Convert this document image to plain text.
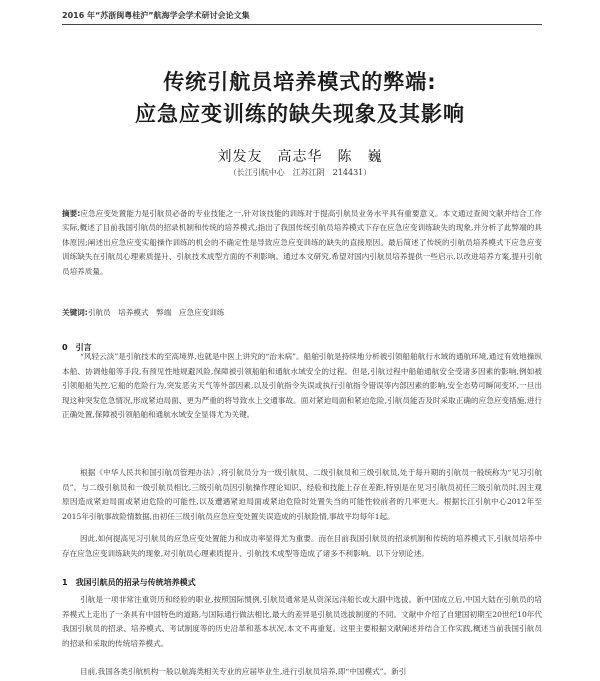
2016 年“苏浙闽粤桂沪”航海学会学术研讨会论文集
传统引航员培养模式的弊端:
应急应变训练的缺失现象及其影响
刘发友　高志华　陈　巍
（长江引航中心　江苏江阴　214431）
摘要:应急应变处置能力是引航员必备的专业技能之一,针对该技能的训练对于提高引航员业务水平具有重要意义。本文通过查阅文献并结合工作实际,概述了目前我国引航员的招录机制和传统的培养模式;指出了我国传统引航员培养模式下存在应急应变训练缺失的现象,并分析了此弊端的具体原因;阐述出应急应变实船操作训练的机会的不确定性是导致应急应变训练的缺失的直接原因。最后简述了传统的引航员培养模式下应急应变训练缺失在引航员心理素质提升、引航技术成型方面的不利影响。通过本文研究,希望对国内引航员培养提供一些启示,以改进培养方案,提升引航员培养质量。
关键词:引航员　培养模式　弊端　应急应变训练
0　引言
“风轻云淡”是引航技术的至高境界,也就是中医上讲究的“治未病”。船舶引航是持续地分析被引领船舶航行水域的通航环境,通过有效地操纵本船、协调他船等手段,有预见性地规避风险,保障被引领船舶和通航水域安全的过程。但是,引航过程中船舶通航安全受诸多因素的影响,例如被引领船舶失控,它船的危险行为,突发恶劣天气等外部因素,以及引航指令失误或执行引航指令错误等内部因素的影响,安全态势可瞬间变坏,一旦出现这种突发危急情况,形成紧迫局面、更为严重的将导致水上交通事故。面对紧迫局面和紧迫危险,引航员能否及时采取正确的应急应变措施,进行正确处置,保障被引领船舶和通航水域安全显得尤为关键。
根据《中华人民共和国引航员管理办法》,将引航员分为一级引航员、二级引航员和三级引航员,处于每升期的引航员一般统称为“见习引航员”。与二级引航员和一级引航员相比,三级引航员因引航操作理论知识、经验和技能上存在差距,特别是在见习引航员初任三级引航员时,因主观原因造成紧迫局面或紧迫危险的可能性,以及遭遇紧迫局面或紧迫危险时处置失当的可能性较前者的几率更大。根据长江引航中心2012年至2015年引航事故险情数据,由初任三级引航员应急应变处置失误造成的引航险情,事故平均每年1起。
因此,如何提高见习引航员的应急应变处置能力和成功率显得尤为重要。而在目前我国引航员的招录机制和传统的培养模式下,引航员培养中存在应急应变训练缺失的现象,对引航员心理素质提升、引航技术成型等造成了诸多不利影响。以下分别论述。
1　我国引航员的招录与传统培养模式
引航是一项非常注重资历和经验的职业,按照国际惯例,引航员通常是从资深远洋船长或大副中选拔。新中国成立后,中国大陆在引航员的培养模式上走出了一条具有中国特色的道路,与国际通行做法相比,最大的差异是引航员选拔制度的不同。文献中介绍了自建国初期至20世纪10年代我国引航员的招录、培养模式、考试制度等的历史沿革和基本状况,本文不再重复。这里主要根据文献阐述并结合工作实践,概述当前我国引航员的招录和采取的传统培养模式。
目前,我国各类引航机构一般以航海类相关专业的应届毕业生,进行引航员培养,即“中国模式”。新引
